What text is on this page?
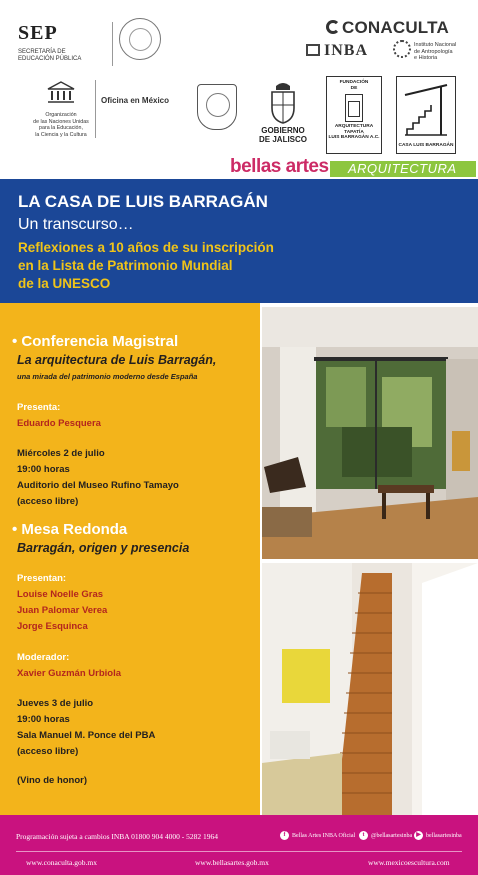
SEP
SECRETARÍA DE
EDUCACIÓN PÚBLICA
CONACULTA
INBA	Instituto Nacional
de Antropología
e Historia
Organización
de las Naciones Unidas
para la Educación,
la Ciencia y la Cultura
Oficina en México
GOBIERNO
DE JALISCO
FUNDACIÓN
DE
ARQUITECTURA
TAPATÍA
LUIS BARRAGÁN A.C.
CASA LUIS BARRAGÁN
bellas artes ARQUITECTURA
LA CASA DE LUIS BARRAGÁN
Un transcurso…
Reflexiones a 10 años de su inscripción
en la Lista de Patrimonio Mundial
de la UNESCO
• Conferencia Magistral
La arquitectura de Luis Barragán,
una mirada del patrimonio moderno desde España
Presenta:
Eduardo Pesquera
Miércoles 2 de julio
19:00 horas
Auditorio del Museo Rufino Tamayo
(acceso libre)
• Mesa Redonda
Barragán, origen y presencia
Presentan:
Louise Noelle Gras
Juan Palomar Verea
Jorge Esquinca
Moderador:
Xavier Guzmán Urbiola
Jueves 3 de julio
19:00 horas
Sala Manuel M. Ponce del PBA
(acceso libre)
(Vino de honor)
Programación sujeta a cambios INBA 01800 904 4000 - 5282 1964	f	Bellas Artes INBA Oficial	t	@bellasartesinba ▶ bellasartesinba
www.conaculta.gob.mx	www.bellasartes.gob.mx	www.mexicoescultura.com
